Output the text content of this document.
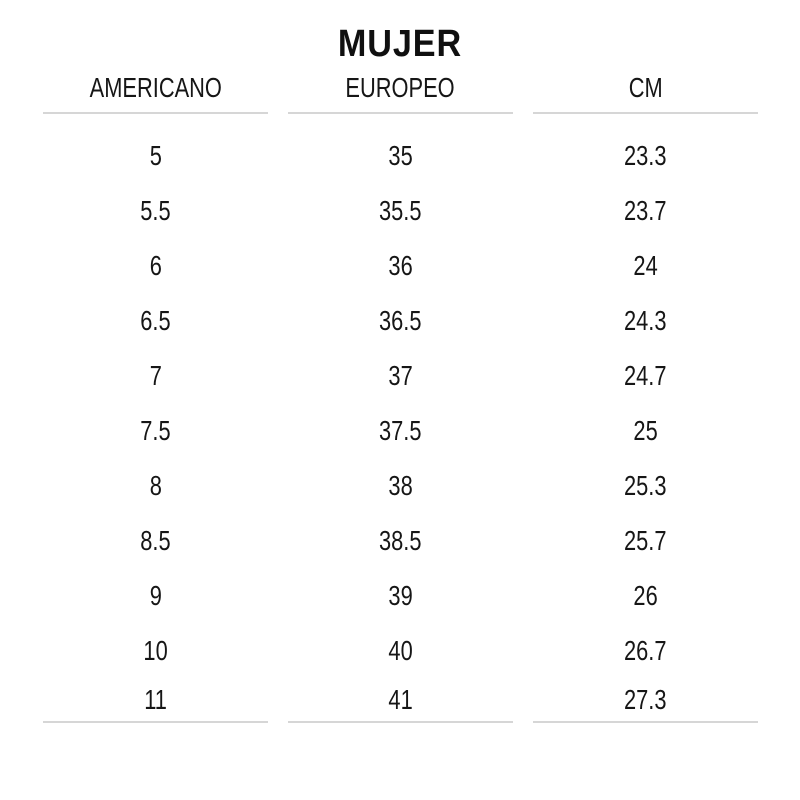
MUJER
AMERICANO	EUROPEO	CM
5	35	23.3
5.5	35.5	23.7
6	36	24
6.5	36.5	24.3
7	37	24.7
7.5	37.5	25
8	38	25.3
8.5	38.5	25.7
9	39	26
10	40	26.7
11	41	27.3
